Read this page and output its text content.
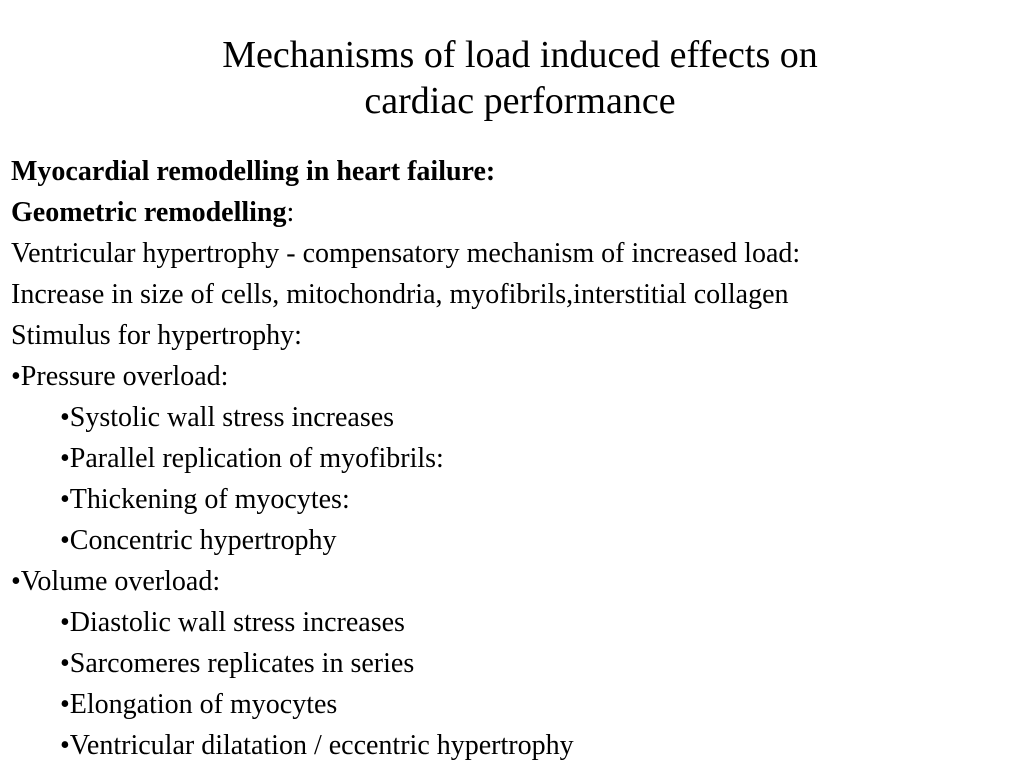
Mechanisms of load induced effects on
cardiac performance
Myocardial remodelling in heart failure:
Geometric remodelling:
Ventricular hypertrophy - compensatory mechanism of increased load:
Increase in size of cells, mitochondria, myofibrils,interstitial collagen
Stimulus for hypertrophy:
•Pressure overload:
•Systolic wall stress increases
•Parallel replication of myofibrils:
•Thickening of myocytes:
•Concentric hypertrophy
•Volume overload:
•Diastolic wall stress increases
•Sarcomeres replicates in series
•Elongation of myocytes
•Ventricular dilatation / eccentric hypertrophy
